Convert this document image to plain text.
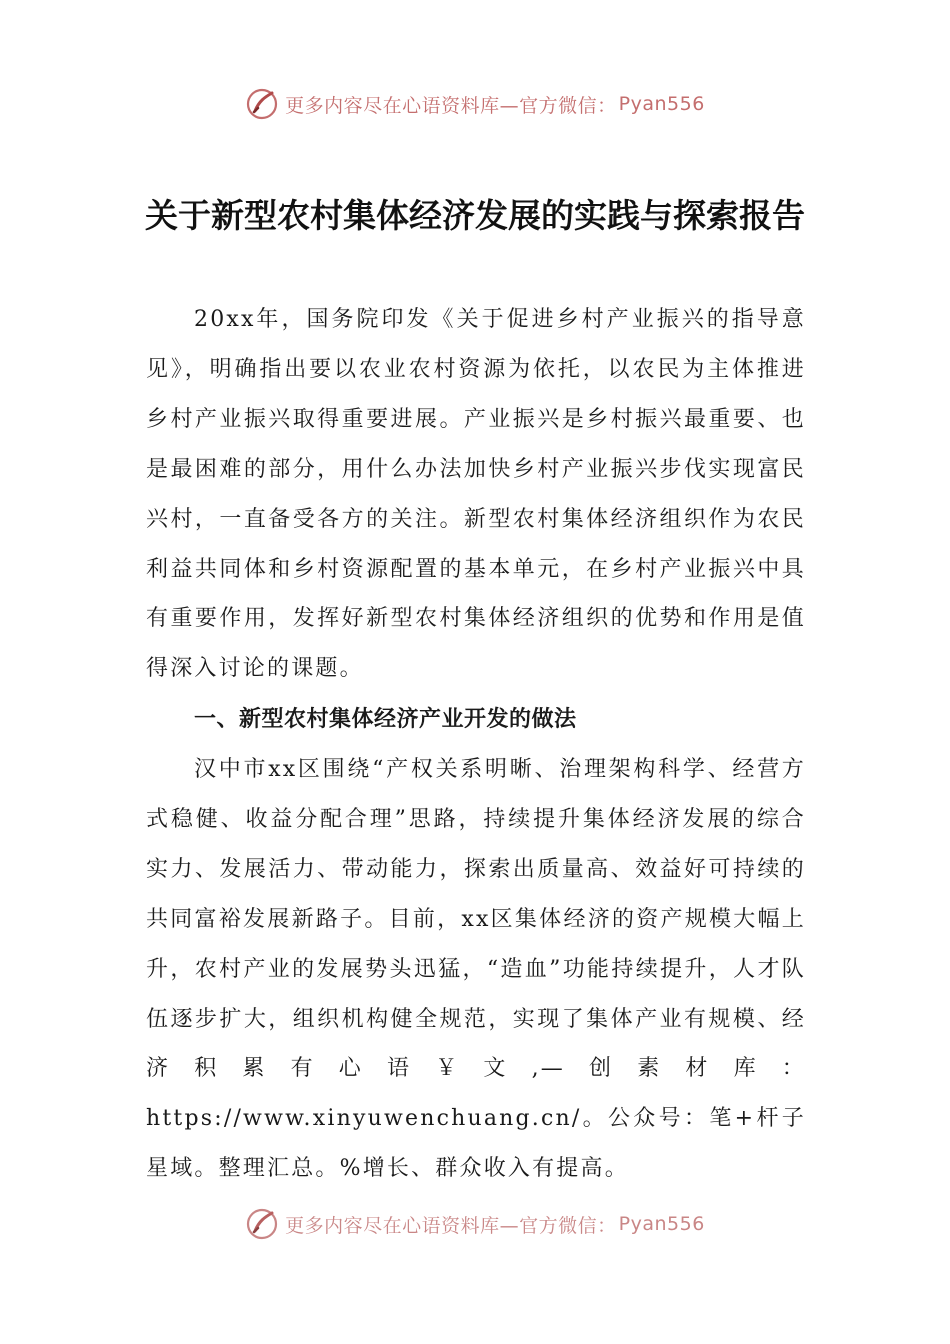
更多内容尽在心语资料库—官方微信： Pyan556
关于新型农村集体经济发展的实践与探索报告

20xx年，国务院印发《关于促进乡村产业振兴的指导意见》，明确指出要以农业农村资源为依托，以农民为主体推进乡村产业振兴取得重要进展。产业振兴是乡村振兴最重要、也是最困难的部分，用什么办法加快乡村产业振兴步伐实现富民兴村，一直备受各方的关注。新型农村集体经济组织作为农民利益共同体和乡村资源配置的基本单元，在乡村产业振兴中具有重要作用，发挥好新型农村集体经济组织的优势和作用是值得深入讨论的课题。

一、新型农村集体经济产业开发的做法

汉中市xx区围绕“产权关系明晰、治理架构科学、经营方式稳健、收益分配合理”思路，持续提升集体经济发展的综合实力、发展活力、带动能力，探索出质量高、效益好可持续的共同富裕发展新路子。目前，xx区集体经济的资产规模大幅上升，农村产业的发展势头迅猛，“造血”功能持续提升，人才队伍逐步扩大，组织机构健全规范，实现了集体产业有规模、经济积累有心语￥文,—创素材库：https://www.xinyuwenchuang.cn/。公众号：笔+杆子星域。整理汇总。%增长、群众收入有提高。

更多内容尽在心语资料库—官方微信： Pyan556
